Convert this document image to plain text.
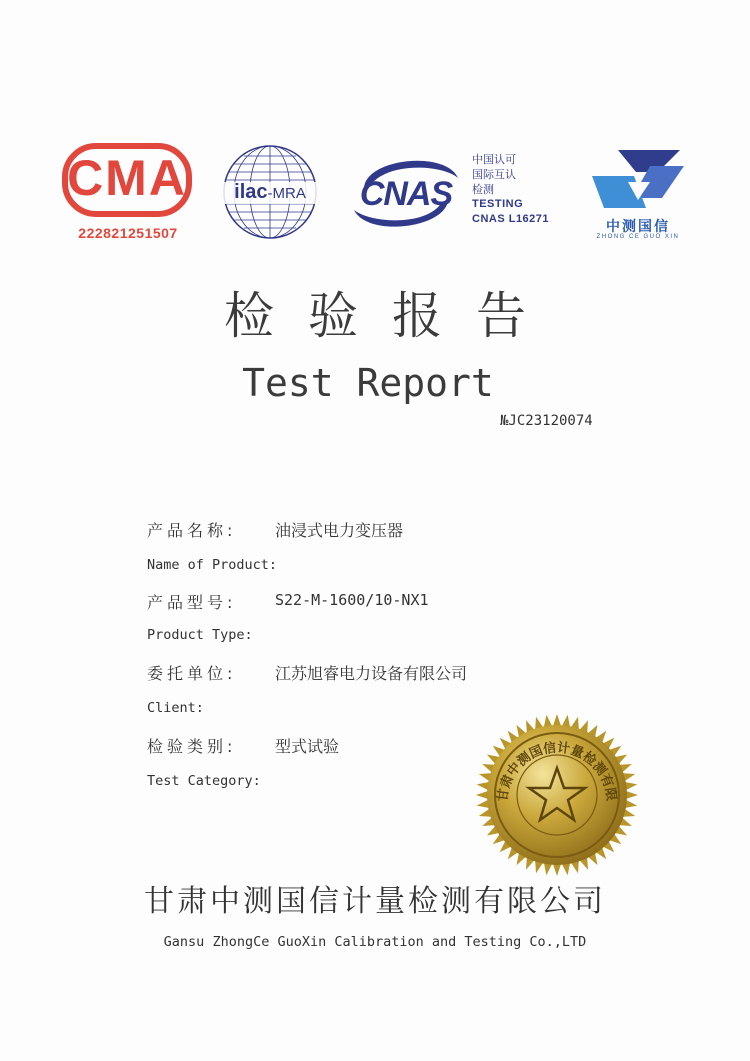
CMA
222821251507
ilac-MRA	CNAS
中国认可
国际互认
检测
TESTING
CNAS L16271	中测国信
ZHONG CE GUO XIN
检验报告
Test Report
№JC23120074
产品名称: 油浸式电力变压器
Name of Product:
产品型号:	S22-M-1600/10-NX1
Product Type:
委托单位: 江苏旭睿电力设备有限公司
Client:
检验类别: 型式试验
Test Category:
甘肃中测国信计量检测有限
甘肃中测国信计量检测有限公司
Gansu ZhongCe GuoXin Calibration and Testing Co.,LTD
